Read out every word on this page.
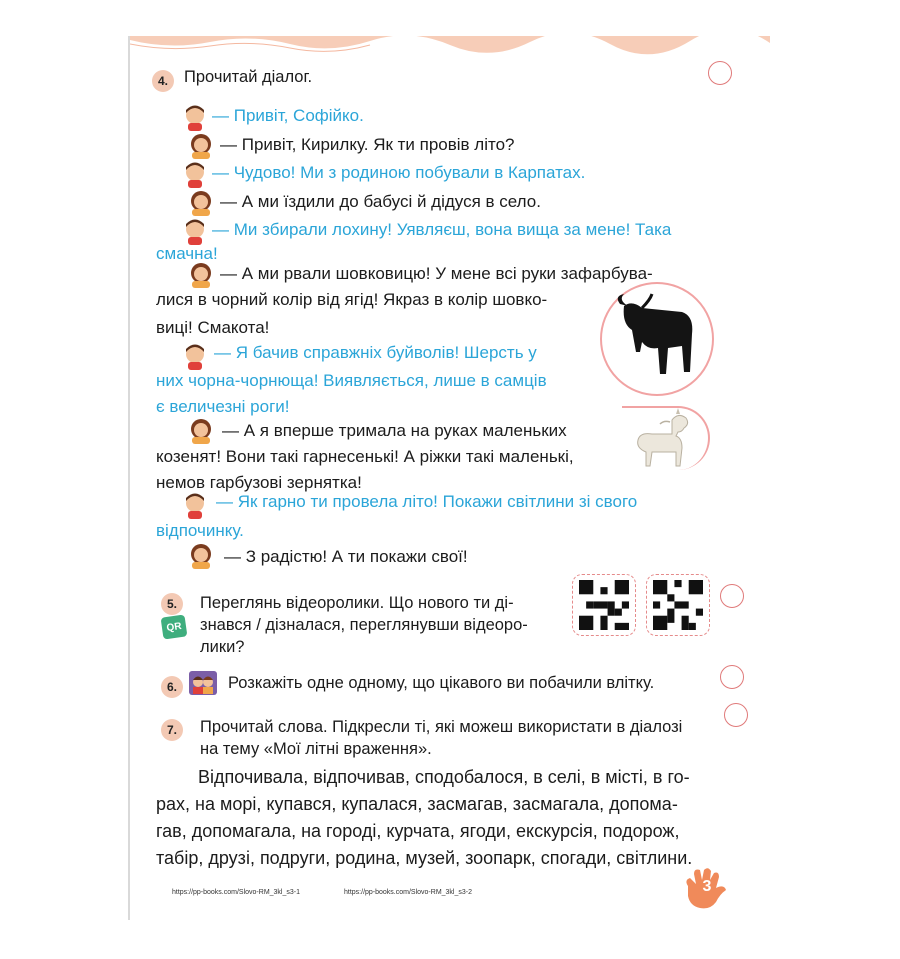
4. Прочитай діалог.
— Привіт, Софійко.
— Привіт, Кирилку. Як ти провів літо?
— Чудово! Ми з родиною побували в Карпатах.
— А ми їздили до бабусі й дідуся в село.
— Ми збирали лохину! Уявляєш, вона вища за мене! Така
смачна!
— А ми рвали шовковицю! У мене всі руки зафарбува-
лися в чорний колір від ягід! Якраз в колір шовко-
виці! Смакота!
— Я бачив справжніх буйволів! Шерсть у
них чорна-чорнюща! Виявляється, лише в самців
є величезні роги!
— А я вперше тримала на руках маленьких
козенят! Вони такі гарнесенькі! А ріжки такі маленькі,
немов гарбузові зернятка!
— Як гарно ти провела літо! Покажи світлини зі свого
відпочинку.
— З радістю! А ти покажи свої!
5.
QR
Переглянь відеоролики. Що нового ти ді-
знався / дізналася, переглянувши відеоро-
лики?
6.	Розкажіть одне одному, що цікавого ви побачили влітку.
7.	Прочитай слова. Підкресли ті, які можеш використати в діалозі
на тему «Мої літні враження».
Відпочивала, відпочивав, сподобалося, в селі, в місті, в го-
рах, на морі, купався, купалася, засмагав, засмагала, допома-
гав, допомагала, на городі, курчата, ягоди, екскурсія, подорож,
табір, друзі, подруги, родина, музей, зоопарк, спогади, світлини.
https://pp-books.com/Slovo-RM_3kl_s3-1	https://pp-books.com/Slovo-RM_3kl_s3-2	3
